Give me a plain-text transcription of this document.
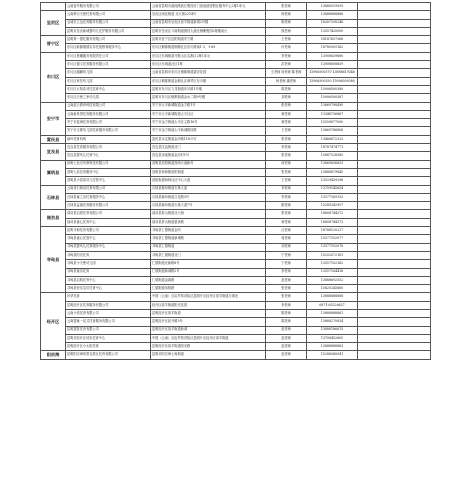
	云南智华服务有限公司	云南省昆明市滇池路滨江俊园北门滨池滨度假区服务中心2栋1单元	张老师	13888319559	
呈贡区	云南科尔天使托育有限公司	呈贡区雨花街道 北大街2214号	杨老师	13888888888	
	宝城市立达托育服务有限公司	云南省昆明市呈贡区洛羊街道新城2号楼	陈老师	18287108248	
	昆明市呈贡新城婴幼儿托护服务有限公司	昆明市呈贡区斗南街道团结大道北侧紫俊园2栋楼前台	熊老师	13557420000	
晋宁区	昆明第一婴托服务有限公司	昆明市晋宁区昆阳街道安宁路	王老师	18187657568	
	东川区新静德德实务托班教育服务中心	东川区铜都街道铜鼎社区东川路南1-3、1-69	付老师	18780505162	
东川区	东川区晨曦服务有限责任公司	东川区东城街道马鞍山区名都区2栋1单元	李老师	13908839880	
	东川区德义托育服务有限公司	东川区东城道社区1栋	洪老师	13908808859	
	东川区湖鹏幼儿园	云南省昆明市东川区铜都街道碧谷花园	王老师 杨老师 陈老师	15906500370 13888619348	
	东川区家托幼儿园	东川区铜都街道金鼎社区商贸区东川镇	杨老师 潘老师	15906500350 15906500380	
	东川区太阳花幼托托育中心	昆明市东川区九龙街道东川路1号楼	陈老师	15906500380	
	东川区天使之家幼儿园	昆明市东川区铜都街道金水二期9号楼	刘老师	15906500387	
安宁市	云南蓝天教育科技有限公司	安宁市太平新城街道金方路1号	张老师	13669798490	
	云南新易思托育服务有限公司	安宁市太平新城街道太平社区	黄老师	13348756867	
	安宁市蓝海托育有限公司	安宁市金方街道太平区主路16号	黄老师	15559677000	
	安宁市玉都幼儿园托育服务有限公司	安宁市金方街道太平新城团结路	王老师	13669786806	
富民县	绿叶托育机构	富民县永定街道金沙路118-1号	张老师	13466872323	
宜良县	宜良县托育服务有限公司	宜良县匡远街道北门	李老师	18787474771	
	宜良县婴幼儿托育中心	宜良县汤池街道金沙村1号	张老师	15887128585	
嵩明县	嵩明七色光幼教科技有限公司	嵩明县嵩阳街道嵩明大道新村	何老师	13669836653	
	嵩明七彩托育服务中心	嵩明县杨林镇嵩阳街道	张老师	13888879845	
	嵩明县小星星幼儿托管中心	嵩阳街道杨林社区中心大道	王老师	13529439296	
石林县	云南省石林县托育有限公司	石林县鹿阜街道石林大道	李老师	13759145654	
	石林县童之乐托育服务中心	石林县鹿阜街道文化路3号	李老师	13577169133	
	石林县益童托育服务有限公司	石林县鹿阜街道石林大道7号	陈老师	15285342957	
禄劝县	禄劝县启蒙托育有限公司	禄劝县屏山街道北大街	张老师	18808744372	
	禄劝县童心托育中心	禄劝县屏山街道碧泉路	黄老师	18808744373	
寻甸县	昆明寻甸托育有限公司	寻甸县仁德街道金所	汪老师	18788120227	
	寻甸县童心托管中心	寻甸县仁德街道新城路	周老师	15577102077	
	寻甸县婴幼儿托育服务中心	寻甸县仁德街道	刘老师	13577102078	
	寻甸县阳光托育	寻甸县仁德街道北门	宁老师	15202072161	
	寻甸县小天使幼儿园	仁德街道北新路8号	宁老师	13557102162	
	寻甸县童乐托育	仁德街道新城路2号	李老师	13557164416	
	寻甸县启航托育中心	仁德街道金源路	赵老师	13888692552	
	寻甸县快乐宝贝托育中心	仁德街道凤梧路	张老师	15820245660	
经开区	好孕托育	中国（云南）自由贸易试验区昆明片区经开区洛羊街道办事处	张老师	13888888888	
	昆明经开区托育服务有限公司	经开区洛羊街道阳光花园	李老师	0871-63226627	
	云南小美托育有限公司	昆明经开区洛羊街道	陈老师	13888888861	
	云南婴童一站式托育服务有限公司	昆明经开区经开路3号	陈老师	13888270834	
	昆明婴智托育有限公司	昆明经开区洛羊街道新城	赵老师	13888186613	
	昆明市经开区幼乐托育中心	中国（云南）自由贸易试验区昆明片区经开区洛羊街道	赵老师	13708452605	
	昆明经开区小太阳托育	昆明经开区洛羊街道阳光路	赵老师	13888888883	
阳宗海	昆明阳宗海风景名胜区托育有限公司	昆明市阳宗海七甸街道	赵老师	15288368941	
